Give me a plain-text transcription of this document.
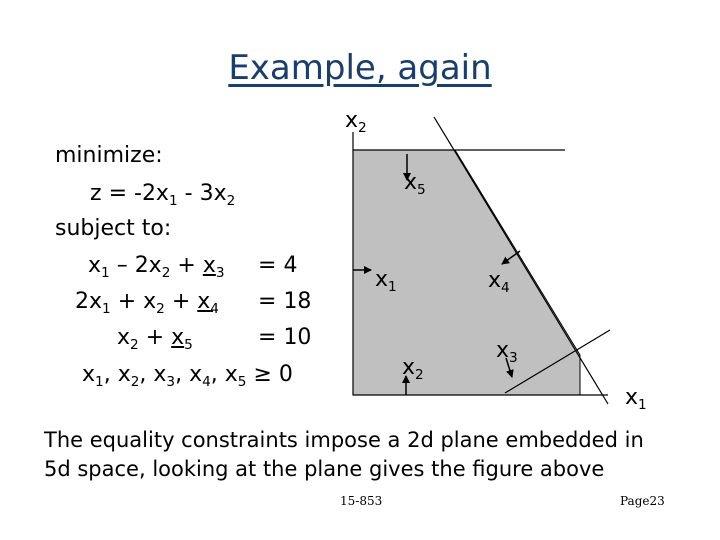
Example, again
minimize:
$z = -2x_1 - 3x_2$
subject to:
$x_1 - 2x_2 + x_3 = 4$
$2x_1 + x_2 + x_4 = 18$
$x_2 + x_5$	= 10
$x_1$, $x_2$, $x_3$, $x_4$, $x_5 \ge 0$
$x_2$
$x_1$
$x_5$
$x_1$	$x_4$
$x_2$
$x_3$
The equality constraints impose a 2d plane embedded in
5d space, looking at the plane gives the figure above
15-853	Page23
